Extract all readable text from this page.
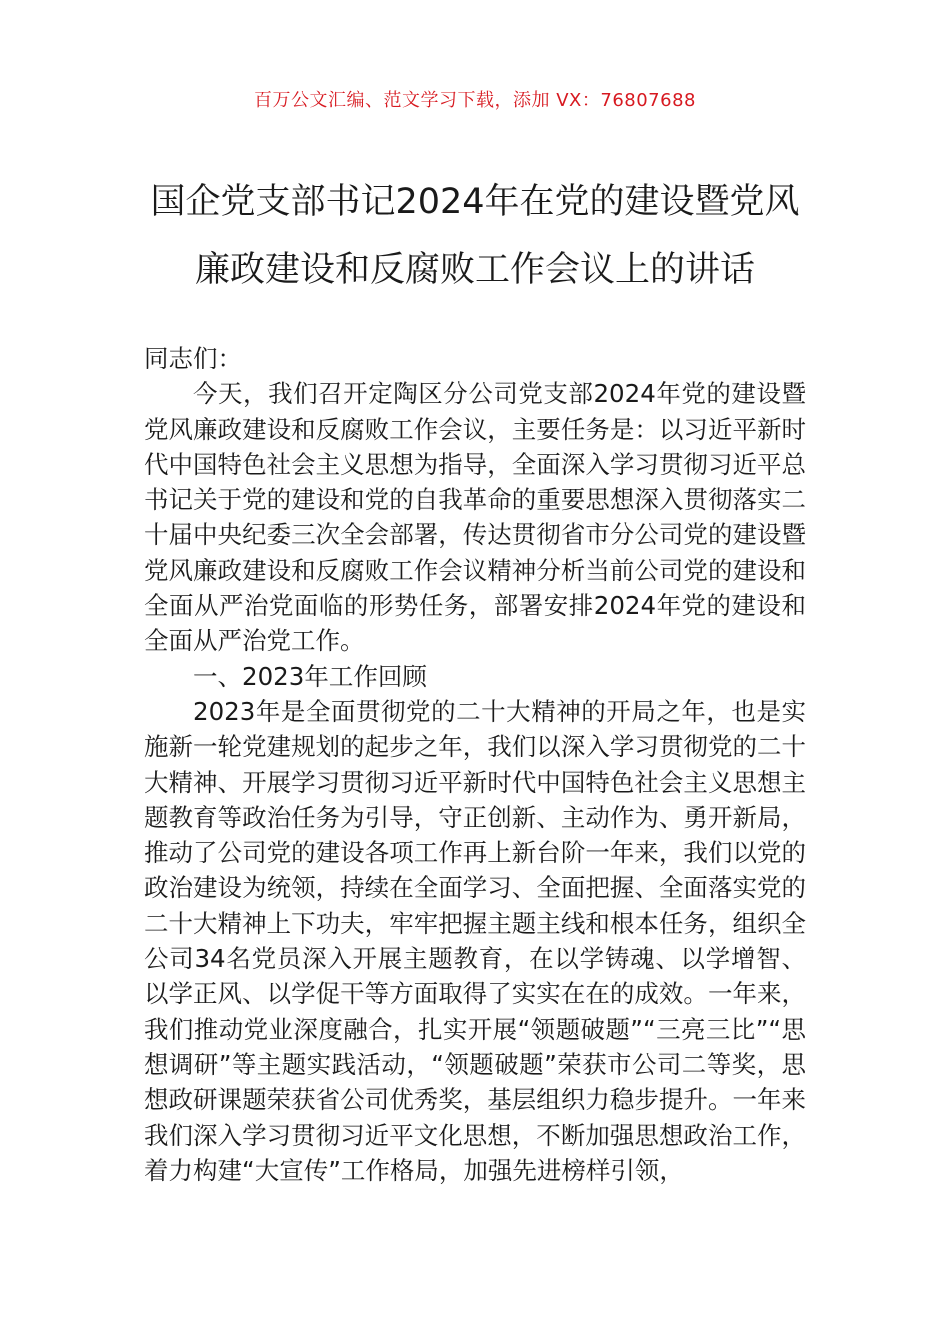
百万公文汇编、范文学习下载，添加 VX：76807688
国企党支部书记2024年在党的建设暨党风
廉政建设和反腐败工作会议上的讲话

同志们：

今天，我们召开定陶区分公司党支部2024年党的建设暨党风廉政建设和反腐败工作会议，主要任务是：以习近平新时代中国特色社会主义思想为指导，全面深入学习贯彻习近平总书记关于党的建设和党的自我革命的重要思想深入贯彻落实二十届中央纪委三次全会部署，传达贯彻省市分公司党的建设暨党风廉政建设和反腐败工作会议精神分析当前公司党的建设和全面从严治党面临的形势任务，部署安排2024年党的建设和全面从严治党工作。

一、2023年工作回顾

2023年是全面贯彻党的二十大精神的开局之年，也是实施新一轮党建规划的起步之年，我们以深入学习贯彻党的二十大精神、开展学习贯彻习近平新时代中国特色社会主义思想主题教育等政治任务为引导，守正创新、主动作为、勇开新局，推动了公司党的建设各项工作再上新台阶一年来，我们以党的政治建设为统领，持续在全面学习、全面把握、全面落实党的二十大精神上下功夫，牢牢把握主题主线和根本任务，组织全公司34名党员深入开展主题教育，在以学铸魂、以学增智、以学正风、以学促干等方面取得了实实在在的成效。一年来，我们推动党业深度融合，扎实开展“领题破题”“三亮三比”“思想调研”等主题实践活动，“领题破题”荣获市公司二等奖，思想政研课题荣获省公司优秀奖，基层组织力稳步提升。一年来我们深入学习贯彻习近平文化思想，不断加强思想政治工作，着力构建“大宣传”工作格局，加强先进榜样引领，
